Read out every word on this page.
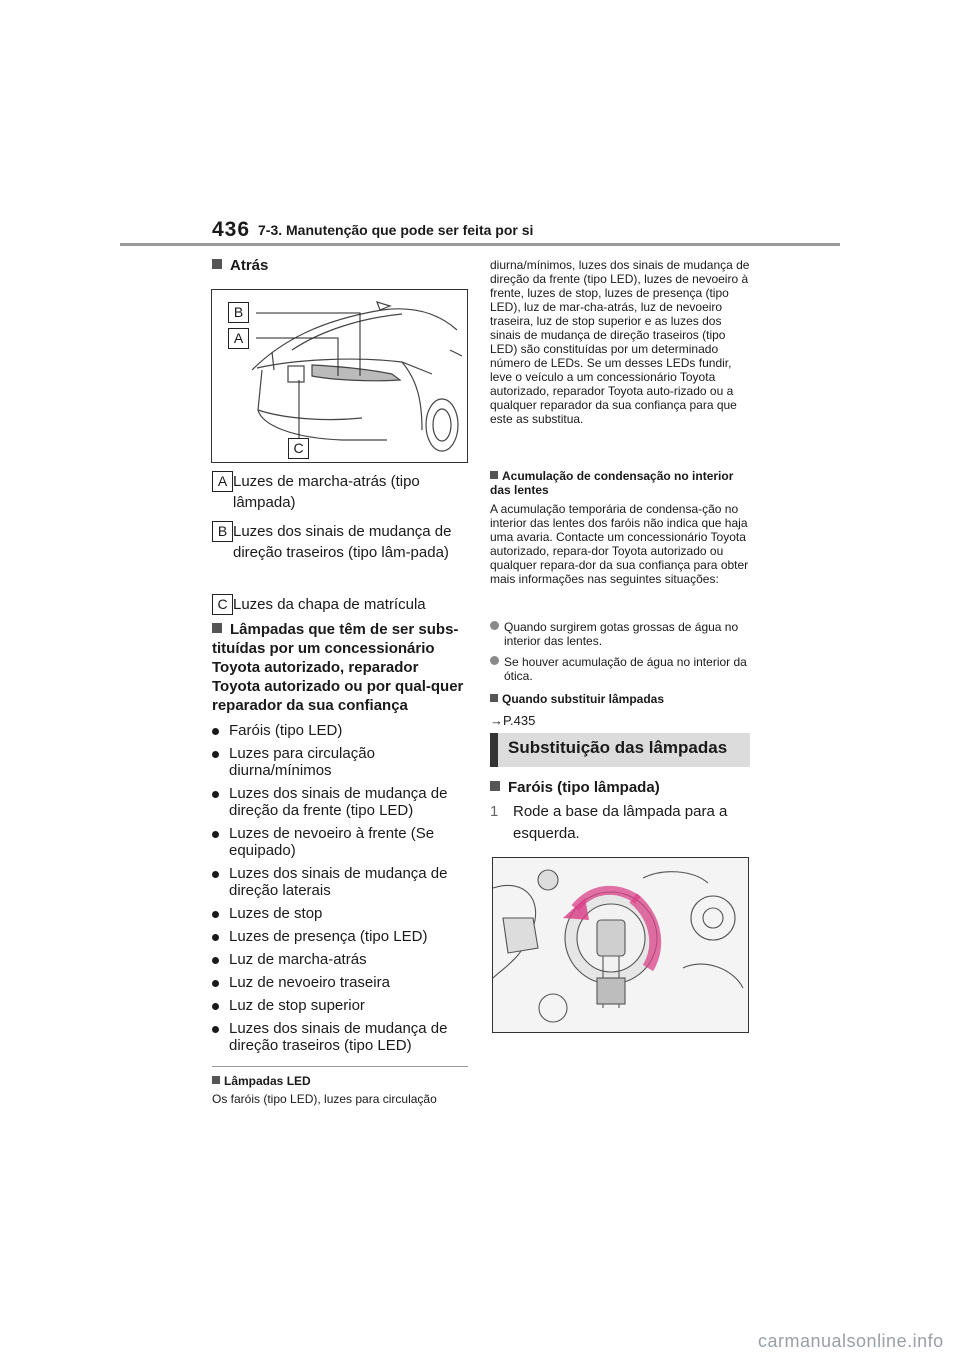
436 7-3. Manutenção que pode ser feita por si
Atrás
B
A
C
A Luzes de marcha-atrás (tipo lâmpada)
B Luzes dos sinais de mudança de direção traseiros (tipo lâm-pada)
C Luzes da chapa de matrícula
Lâmpadas que têm de ser subs-tituídas por um concessionário Toyota autorizado, reparador Toyota autorizado ou por qual-quer reparador da sua confiança
Faróis (tipo LED)
Luzes para circulação diurna/mínimos
Luzes dos sinais de mudança de direção da frente (tipo LED)
Luzes de nevoeiro à frente (Se equipado)
Luzes dos sinais de mudança de direção laterais
Luzes de stop
Luzes de presença (tipo LED)
Luz de marcha-atrás
Luz de nevoeiro traseira
Luz de stop superior
Luzes dos sinais de mudança de direção traseiros (tipo LED)
Lâmpadas LED
Os faróis (tipo LED), luzes para circulação
diurna/mínimos, luzes dos sinais de mudança de direção da frente (tipo LED), luzes de nevoeiro à frente, luzes de stop, luzes de presença (tipo LED), luz de mar-cha-atrás, luz de nevoeiro traseira, luz de stop superior e as luzes dos sinais de mudança de direção traseiros (tipo LED) são constituídas por um determinado número de LEDs. Se um desses LEDs fundir, leve o veículo a um concessionário Toyota autorizado, reparador Toyota auto-rizado ou a qualquer reparador da sua confiança para que este as substitua.
Acumulação de condensação no interior das lentes
A acumulação temporária de condensa-ção no interior das lentes dos faróis não indica que haja uma avaria. Contacte um concessionário Toyota autorizado, repara-dor Toyota autorizado ou qualquer repara-dor da sua confiança para obter mais informações nas seguintes situações:
Quando surgirem gotas grossas de água no interior das lentes.
Se houver acumulação de água no interior da ótica.
Quando substituir lâmpadas
→P.435
Substituição das lâmpadas
Faróis (tipo lâmpada)
1 Rode a base da lâmpada para a esquerda.
carmanualsonline.info
